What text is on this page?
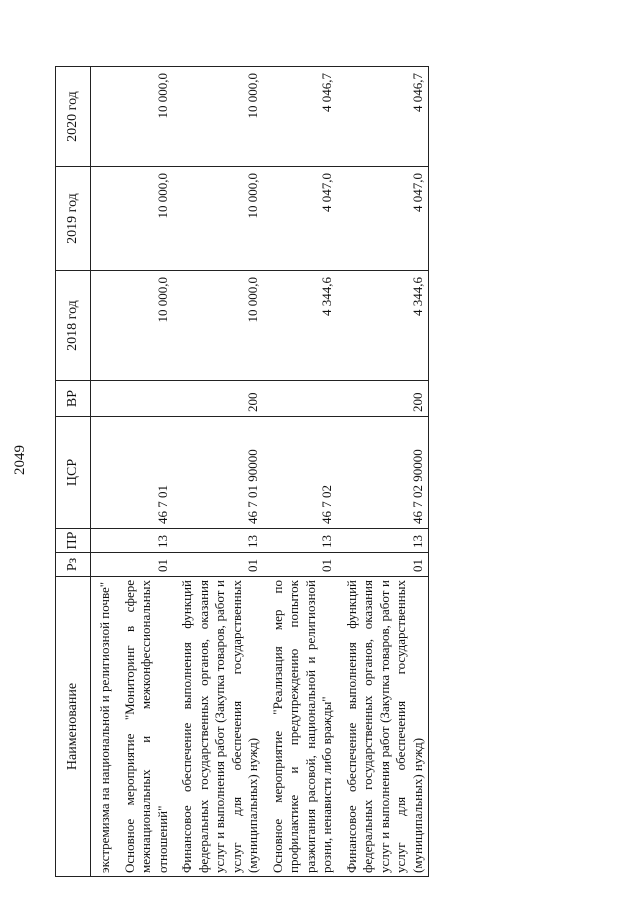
2049
Наименование	Рз	ПР	ЦСР	ВР	2018 год	2019 год	2020 год
экстремизма на национальной и религиозной почве"							
Основное мероприятие "Мониторинг в сфере межнациональных и межконфессиональных отношений"	01	13	46 7 01		10 000,0	10 000,0	10 000,0
Финансовое обеспечение выполнения функций федеральных государственных органов, оказания услуг и выполнения работ (Закупка товаров, работ и услуг для обеспечения государственных (муниципальных) нужд)	01	13	46 7 01 90000	200	10 000,0	10 000,0	10 000,0
Основное мероприятие "Реализация мер по профилактике и предупреждению попыток разжигания расовой, национальной и религиозной розни, ненависти либо вражды"	01	13	46 7 02		4 344,6	4 047,0	4 046,7
Финансовое обеспечение выполнения функций федеральных государственных органов, оказания услуг и выполнения работ (Закупка товаров, работ и услуг для обеспечения государственных (муниципальных) нужд)	01	13	46 7 02 90000	200	4 344,6	4 047,0	4 046,7
